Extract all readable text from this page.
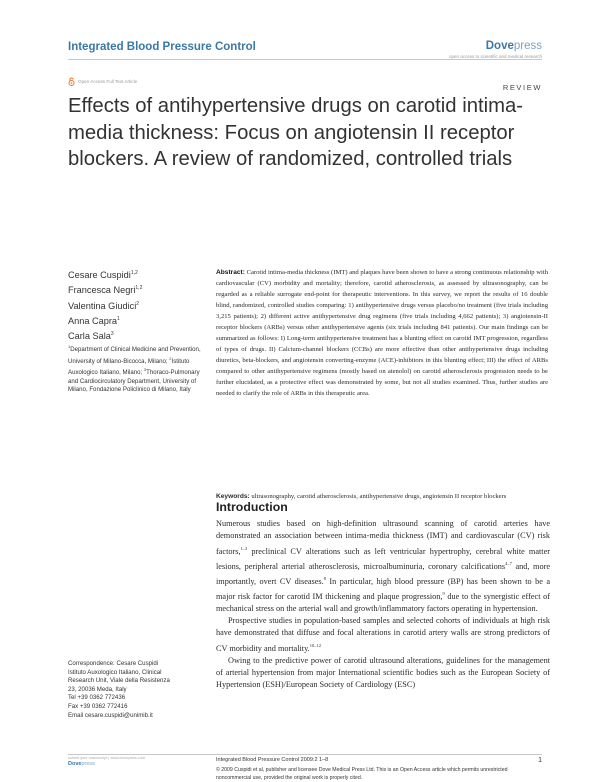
Integrated Blood Pressure Control	Dovepress
open access to scientific and medical research
Open Access Full Text Article
REVIEW
Effects of antihypertensive drugs on carotid intima-media thickness: Focus on angiotensin II receptor blockers. A review of randomized, controlled trials
Cesare Cuspidi$^{1,2}$
Francesca Negri$^{1,2}$
Valentina Giudici$^2$
Anna Capra$^1$
Carla Sala$^3$
$^1$Department of Clinical Medicine and Prevention, University of Milano-Bicocca, Milano; $^2$Istituto Auxologico Italiano, Milano; $^3$Thoraco-Pulmonary and Cardiocirculatory Department, University of Milano, Fondazione Policlinico di Milano, Italy
Abstract: Carotid intima-media thickness (IMT) and plaques have been shown to have a strong continuous relationship with cardiovascular (CV) morbidity and mortality; therefore, carotid atherosclerosis, as assessed by ultrasonography, can be regarded as a reliable surrogate end-point for therapeutic interventions. In this survey, we report the results of 16 double blind, randomized, controlled studies comparing: 1) antihypertensive drugs versus placebo/no treatment (five trials including 3,215 patients); 2) different active antihypertensive drug regimens (five trials including 4,662 patients); 3) angiotensin-II receptor blockers (ARBs) versus other antihypertensive agents (six trials including 841 patients). Our main findings can be summarized as follows: I) Long-term antihypertensive treatment has a blunting effect on carotid IMT progression, regardless of types of drugs. II) Calcium-channel blockers (CCBs) are more effective than other antihypertensive drugs including diuretics, beta-blockers, and angiotensin converting-enzyme (ACE)-inhibitors in this blunting effect; III) the effect of ARBs compared to other antihypertensive regimens (mostly based on atenolol) on carotid atherosclerosis progression needs to be further elucidated, as a protective effect was demonstrated by some, but not all studies examined. Thus, further studies are needed to clarify the role of ARBs in this therapeutic area.
Keywords: ultrasonography, carotid atherosclerosis, antihypertensive drugs, angiotensin II receptor blockers
Introduction

Numerous studies based on high-definition ultrasound scanning of carotid arteries have demonstrated an association between intima-media thickness (IMT) and cardiovascular (CV) risk factors,$^{1-3}$ preclinical CV alterations such as left ventricular hypertrophy, cerebral white matter lesions, peripheral arterial atherosclerosis, microalbuminuria, coronary calcifications$^{4-7}$ and, more importantly, overt CV diseases.$^8$ In particular, high blood pressure (BP) has been shown to be a major risk factor for carotid IM thickening and plaque progression,$^9$ due to the synergistic effect of mechanical stress on the arterial wall and growth/inflammatory factors operating in hypertension.

Prospective studies in population-based samples and selected cohorts of individuals at high risk have demonstrated that diffuse and focal alterations in carotid artery walls are strong predictors of CV morbidity and mortality.$^{10-12}$

Owing to the predictive power of carotid ultrasound alterations, guidelines for the management of arterial hypertension from major International scientific bodies such as the European Society of Hypertension (ESH)/European Society of Cardiology (ESC)

Correspondence: Cesare Cuspidi
Istituto Auxologico Italiano, Clinical
Research Unit, Viale della Resistenza
23, 20036 Meda, Italy
Tel +39 0362 772436
Fax +39 0362 772416
Email cesare.cuspidi@unimib.it
submit your manuscript | www.dovepress.com
Dovepress
Integrated Blood Pressure Control 2009:2 1–8
© 2009 Cuspidi et al, publisher and licensee Dove Medical Press Ltd. This is an Open Access article which permits unrestricted noncommercial use, provided the original work is properly cited.
1
